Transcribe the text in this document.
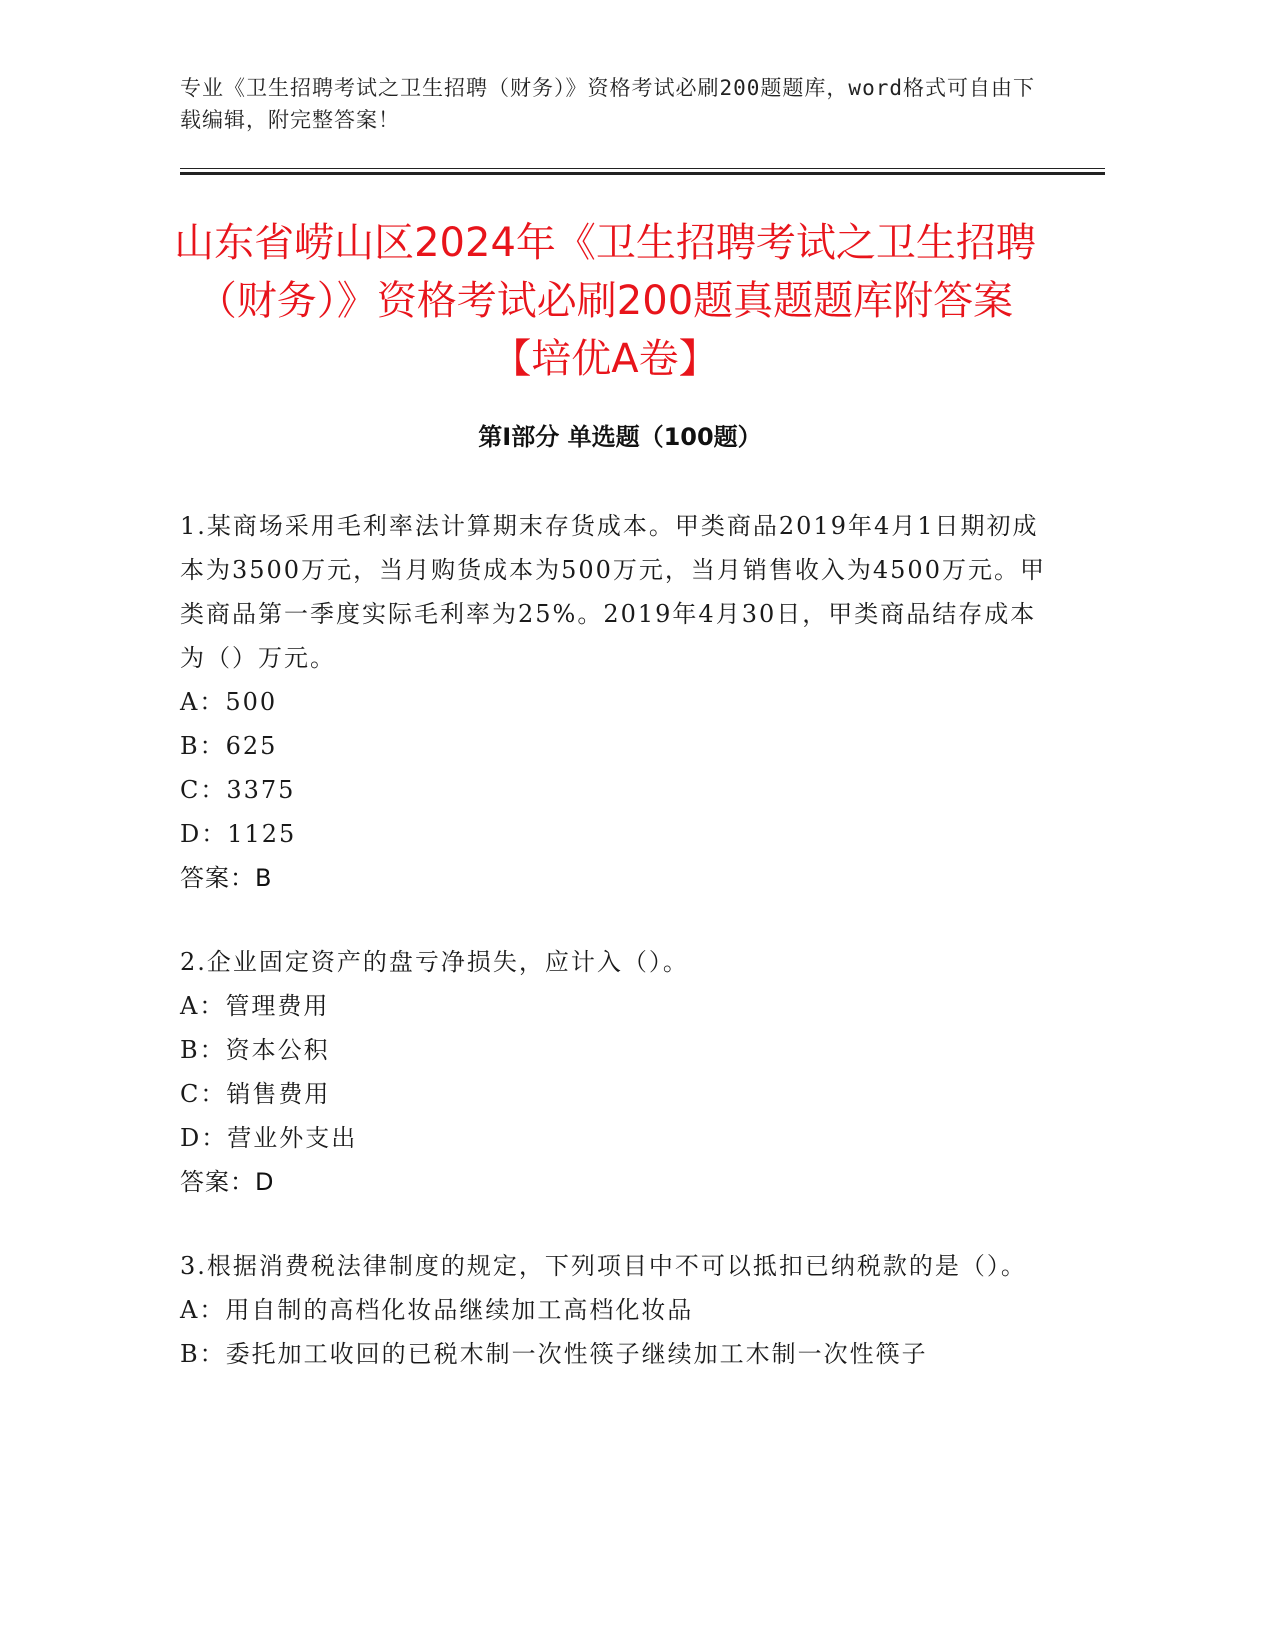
专业《卫生招聘考试之卫生招聘（财务）》资格考试必刷200题题库，word格式可自由下载编辑，附完整答案！
山东省崂山区2024年《卫生招聘考试之卫生招聘（财务）》资格考试必刷200题真题题库附答案【培优A卷】
第Ⅰ部分 单选题（100题）

1.某商场采用毛利率法计算期末存货成本。甲类商品2019年4月1日期初成本为3500万元，当月购货成本为500万元，当月销售收入为4500万元。甲类商品第一季度实际毛利率为25%。2019年4月30日，甲类商品结存成本为（）万元。

A：500

B：625

C：3375

D：1125

答案：B

2.企业固定资产的盘亏净损失，应计入（）。

A：管理费用

B：资本公积

C：销售费用

D：营业外支出

答案：D

3.根据消费税法律制度的规定，下列项目中不可以抵扣已纳税款的是（）。

A：用自制的高档化妆品继续加工高档化妆品

B：委托加工收回的已税木制一次性筷子继续加工木制一次性筷子
